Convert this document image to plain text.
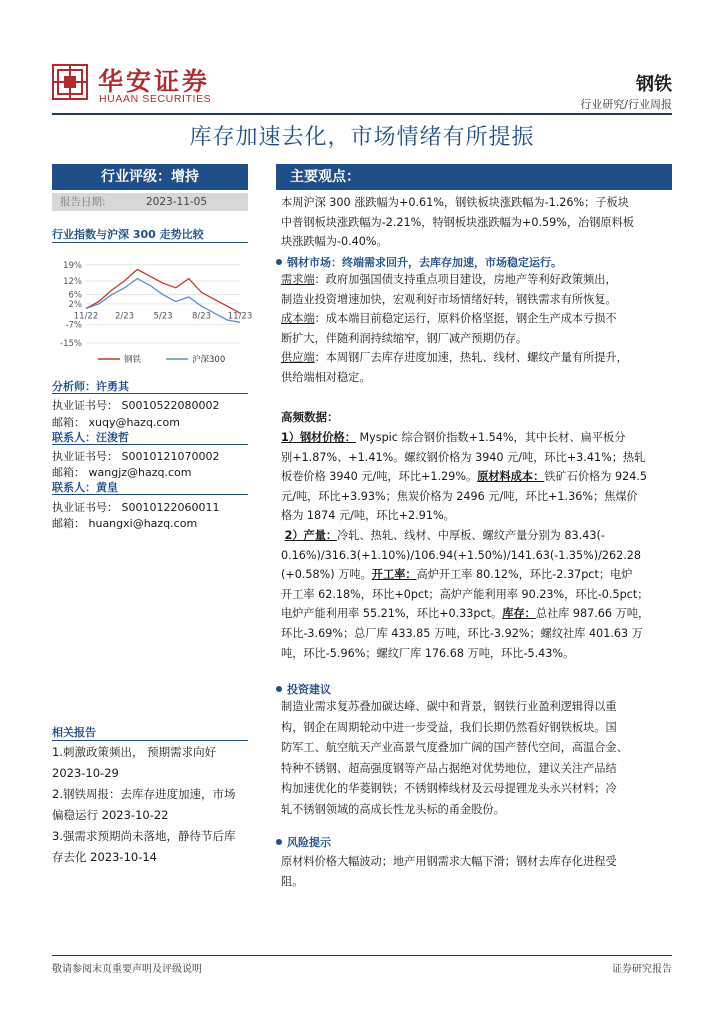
华安证券
HUAAN SECURITIES
钢铁
行业研究/行业周报
库存加速去化，市场情绪有所提振
行业评级：增持
报告日期:	2023-11-05
行业指数与沪深 300 走势比较
19%
12%
6%
2%
-7%
-15%
11/22 2/23 5/23 8/23 11/23
钢铁	沪深300
分析师：许勇其
执业证书号： S0010522080002
邮箱： xuqy@hazq.com
联系人：汪浚哲
执业证书号： S0010121070002
邮箱： wangjz@hazq.com
联系人：黄皇
执业证书号： S0010122060011
邮箱： huangxi@hazq.com
相关报告
1.刺激政策频出， 预期需求向好
2023-10-29
2.钢铁周报：去库存进度加速，市场
偏稳运行 2023-10-22
3.强需求预期尚未落地，静待节后库
存去化 2023-10-14
主要观点：
本周沪深 300 涨跌幅为+0.61%，钢铁板块涨跌幅为-1.26%；子板块
中普钢板块涨跌幅为-2.21%，特钢板块涨跌幅为+0.59%，冶钢原料板
块涨跌幅为-0.40%。
钢材市场：终端需求回升，去库存加速，市场稳定运行。
需求端：政府加强国债支持重点项目建设，房地产等利好政策频出，
制造业投资增速加快，宏观利好市场情绪好转，钢铁需求有所恢复。
成本端：成本端目前稳定运行，原料价格坚挺，钢企生产成本亏损不
断扩大，伴随利润持续缩窄，钢厂减产预期仍存。
供应端：本周钢厂去库存进度加速，热轧、线材、螺纹产量有所提升，
供给端相对稳定。
高频数据：
1）钢材价格： Myspic 综合钢价指数+1.54%，其中长材、扁平板分
别+1.87%、+1.41%。螺纹钢价格为 3940 元/吨，环比+3.41%；热轧
板卷价格 3940 元/吨，环比+1.29%。原材料成本：铁矿石价格为 924.5
元/吨，环比+3.93%；焦炭价格为 2496 元/吨，环比+1.36%；焦煤价
格为 1874 元/吨，环比+2.91%。
2）产量：冷轧、热轧、线材、中厚板、螺纹产量分别为 83.43(-
0.16%)/316.3(+1.10%)/106.94(+1.50%)/141.63(-1.35%)/262.28
(+0.58%) 万吨。开工率：高炉开工率 80.12%，环比-2.37pct；电炉
开工率 62.18%，环比+0pct；高炉产能利用率 90.23%，环比-0.5pct；
电炉产能利用率 55.21%，环比+0.33pct。库存：总社库 987.66 万吨，
环比-3.69%；总厂库 433.85 万吨，环比-3.92%；螺纹社库 401.63 万
吨，环比-5.96%；螺纹厂库 176.68 万吨，环比-5.43%。
投资建议
制造业需求复苏叠加碳达峰、碳中和背景，钢铁行业盈利逻辑得以重
构，钢企在周期轮动中进一步受益，我们长期仍然看好钢铁板块。国
防军工、航空航天产业高景气度叠加广阔的国产替代空间，高温合金、
特种不锈钢、超高强度钢等产品占据绝对优势地位，建议关注产品结
构加速优化的华菱钢铁；不锈钢棒线材及云母提锂龙头永兴材料；冷
轧不锈钢领域的高成长性龙头标的甬金股份。
风险提示
原材料价格大幅波动；地产用钢需求大幅下滑；钢材去库存化进程受
阻。
敬请参阅末页重要声明及评级说明	证券研究报告
